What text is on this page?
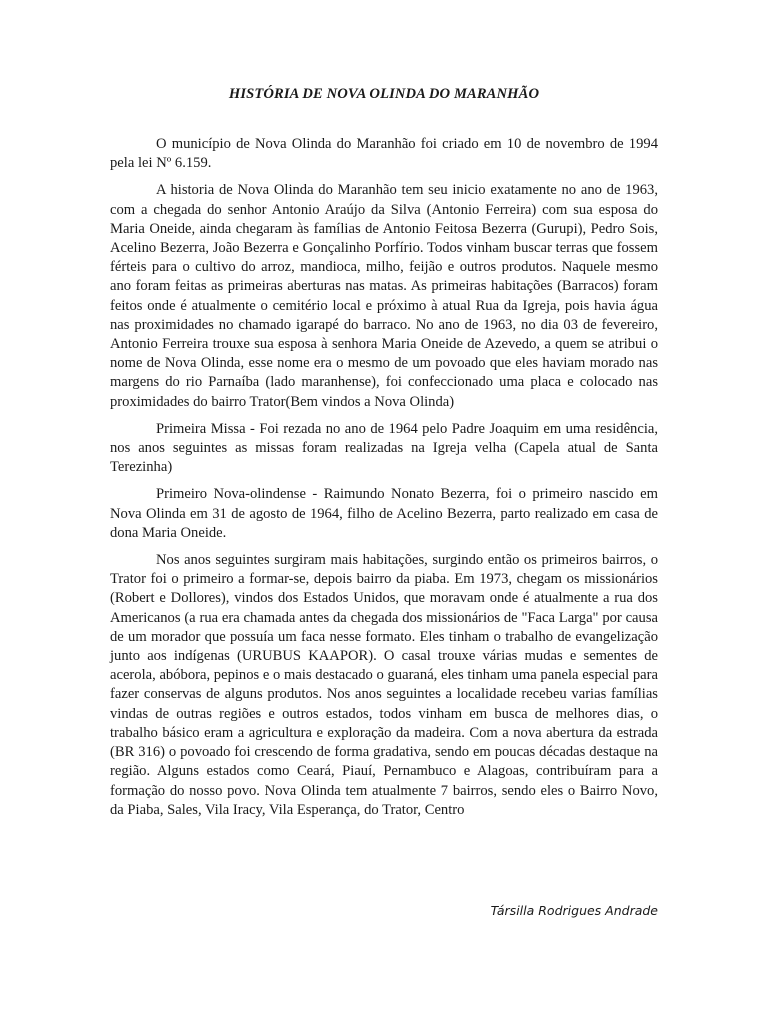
HISTÓRIA DE NOVA OLINDA DO MARANHÃO

O município de Nova Olinda do Maranhão foi criado em 10 de novembro de 1994 pela lei Nº 6.159.

A historia de Nova Olinda do Maranhão tem seu inicio exatamente no ano de 1963, com a chegada do senhor Antonio Araújo da Silva (Antonio Ferreira) com sua esposa do Maria Oneide, ainda chegaram às famílias de Antonio Feitosa Bezerra (Gurupi), Pedro Sois, Acelino Bezerra, João Bezerra e Gonçalinho Porfírio. Todos vinham buscar terras que fossem férteis para o cultivo do arroz, mandioca, milho, feijão e outros produtos. Naquele mesmo ano foram feitas as primeiras aberturas nas matas. As primeiras habitações (Barracos) foram feitos onde é atualmente o cemitério local e próximo à atual Rua da Igreja, pois havia água nas proximidades no chamado igarapé do barraco. No ano de 1963, no dia 03 de fevereiro, Antonio Ferreira trouxe sua esposa à senhora Maria Oneide de Azevedo, a quem se atribui o nome de Nova Olinda, esse nome era o mesmo de um povoado que eles haviam morado nas margens do rio Parnaíba (lado maranhense), foi confeccionado uma placa e colocado nas proximidades do bairro Trator(Bem vindos a Nova Olinda)

Primeira Missa - Foi rezada no ano de 1964 pelo Padre Joaquim em uma residência, nos anos seguintes as missas foram realizadas na Igreja velha (Capela atual de Santa Terezinha)

Primeiro Nova-olindense - Raimundo Nonato Bezerra, foi o primeiro nascido em Nova Olinda em 31 de agosto de 1964, filho de Acelino Bezerra, parto realizado em casa de dona Maria Oneide.

Nos anos seguintes surgiram mais habitações, surgindo então os primeiros bairros, o Trator foi o primeiro a formar-se, depois bairro da piaba. Em 1973, chegam os missionários (Robert e Dollores), vindos dos Estados Unidos, que moravam onde é atualmente a rua dos Americanos (a rua era chamada antes da chegada dos missionários de "Faca Larga" por causa de um morador que possuía um faca nesse formato. Eles tinham o trabalho de evangelização junto aos indígenas (URUBUS KAAPOR). O casal trouxe várias mudas e sementes de acerola, abóbora, pepinos e o mais destacado o guaraná, eles tinham uma panela especial para fazer conservas de alguns produtos. Nos anos seguintes a localidade recebeu varias famílias vindas de outras regiões e outros estados, todos vinham em busca de melhores dias, o trabalho básico eram a agricultura e exploração da madeira. Com a nova abertura da estrada (BR 316) o povoado foi crescendo de forma gradativa, sendo em poucas décadas destaque na região. Alguns estados como Ceará, Piauí, Pernambuco e Alagoas, contribuíram para a formação do nosso povo. Nova Olinda tem atualmente 7 bairros, sendo eles o Bairro Novo, da Piaba, Sales, Vila Iracy, Vila Esperança, do Trator, Centro

Társilla Rodrigues Andrade
